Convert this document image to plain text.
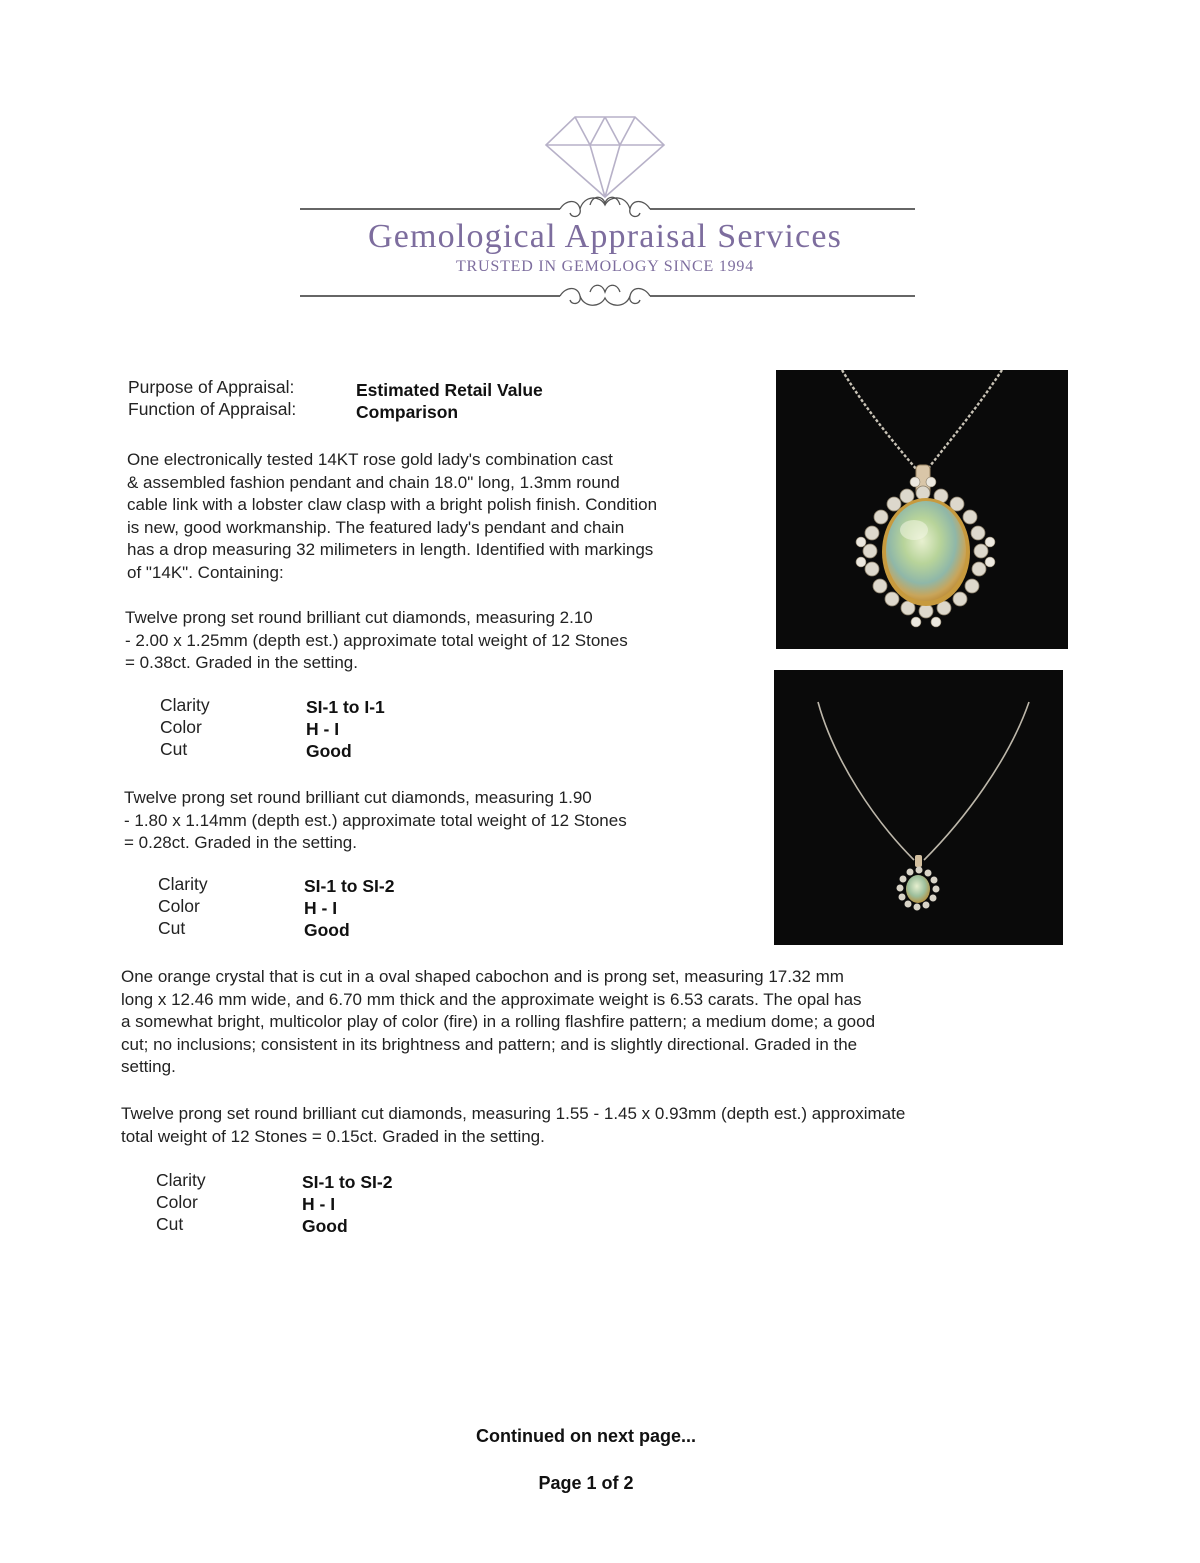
Gemological Appraisal Services
TRUSTED IN GEMOLOGY SINCE 1994
Purpose of Appraisal:	Estimated Retail Value
Function of Appraisal:	Comparison
One electronically tested 14KT rose gold lady's combination cast
& assembled fashion pendant and chain 18.0" long, 1.3mm round
cable link with a lobster claw clasp with a bright polish finish. Condition
is new, good workmanship. The featured lady's pendant and chain
has a drop measuring 32 milimeters in length. Identified with markings
of "14K". Containing:
Twelve prong set round brilliant cut diamonds, measuring 2.10
- 2.00 x 1.25mm (depth est.) approximate total weight of 12 Stones
= 0.38ct. Graded in the setting.
Clarity	SI-1 to I-1
Color	H - I
Cut	Good
Twelve prong set round brilliant cut diamonds, measuring 1.90
- 1.80 x 1.14mm (depth est.) approximate total weight of 12 Stones
= 0.28ct. Graded in the setting.
Clarity	SI-1 to SI-2
Color	H - I
Cut	Good
One orange crystal that is cut in a oval shaped cabochon and is prong set, measuring 17.32 mm
long x 12.46 mm wide, and 6.70 mm thick and the approximate weight is 6.53 carats. The opal has
a somewhat bright, multicolor play of color (fire) in a rolling flashfire pattern; a medium dome; a good
cut; no inclusions; consistent in its brightness and pattern; and is slightly directional. Graded in the
setting.
Twelve prong set round brilliant cut diamonds, measuring 1.55 - 1.45 x 0.93mm (depth est.) approximate
total weight of 12 Stones = 0.15ct. Graded in the setting.
Clarity	SI-1 to SI-2
Color	H - I
Cut	Good
Continued on next page...
Page 1 of 2
